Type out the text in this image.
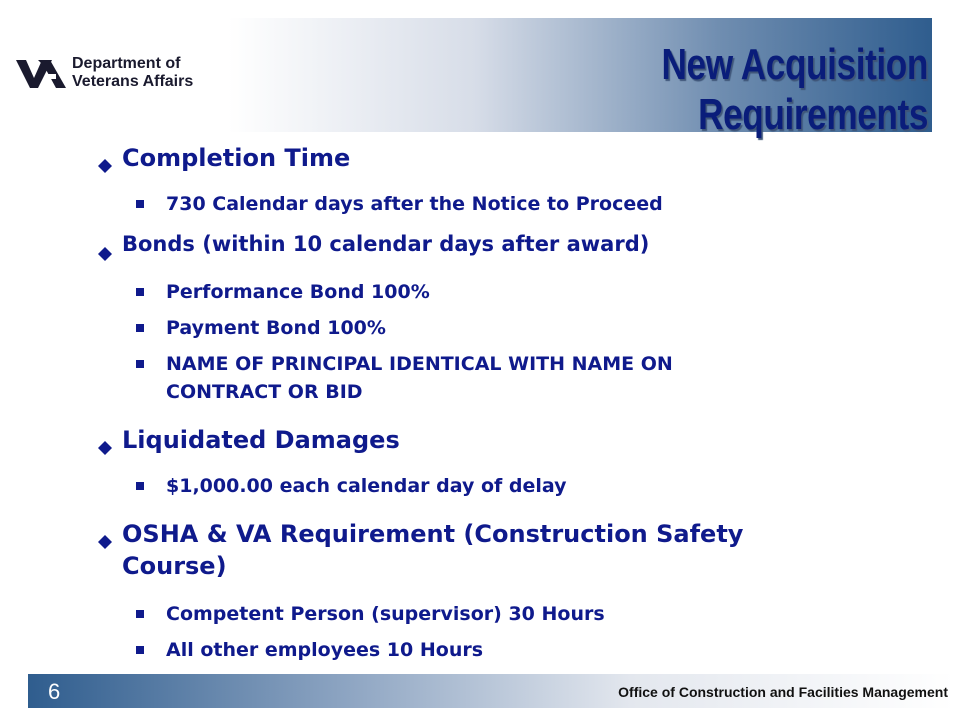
New Acquisition Requirements
Department of
Veterans Affairs
Completion Time
730 Calendar days after the Notice to Proceed
Bonds (within 10 calendar days after award)
Performance Bond 100%
Payment Bond 100%
NAME OF PRINCIPAL IDENTICAL WITH NAME ON
CONTRACT OR BID
Liquidated Damages
$1,000.00 each calendar day of delay
OSHA & VA Requirement (Construction Safety
Course)
Competent Person (supervisor) 30 Hours
All other employees 10 Hours
6	Office of Construction and Facilities Management
